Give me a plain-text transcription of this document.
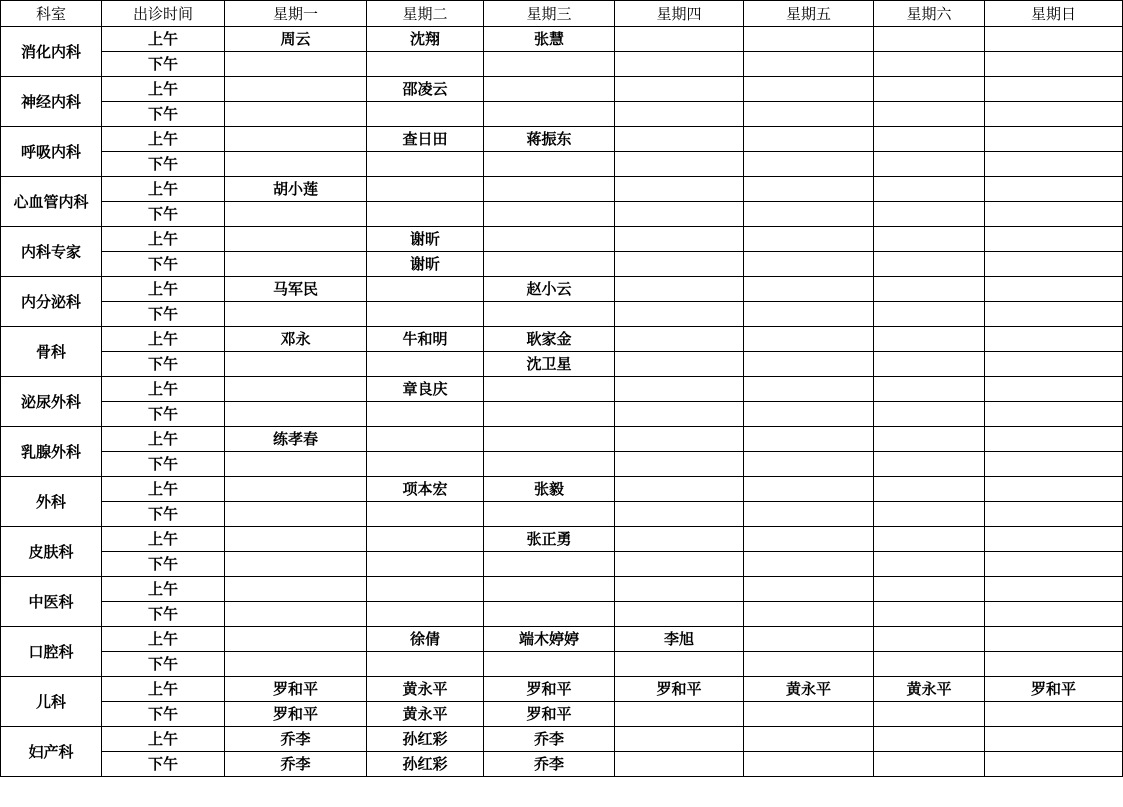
科室	出诊时间	星期一	星期二	星期三	星期四	星期五	星期六	星期日
消化内科	上午	周云	沈翔	张慧				
	下午							
神经内科	上午		邵凌云					
	下午							
呼吸内科	上午		查日田	蒋振东				
	下午							
心血管内科	上午	胡小莲						
	下午							
内科专家	上午		谢昕					
	下午		谢昕					
内分泌科	上午	马军民		赵小云				
	下午							
骨科	上午	邓永	牛和明	耿家金				
	下午			沈卫星				
泌尿外科	上午		章良庆					
	下午							
乳腺外科	上午	练孝春						
	下午							
外科	上午		项本宏	张毅				
	下午							
皮肤科	上午			张正勇				
	下午							
中医科	上午							
	下午							
口腔科	上午		徐倩	端木婷婷	李旭			
	下午							
儿科	上午	罗和平	黄永平	罗和平	罗和平	黄永平	黄永平	罗和平
	下午	罗和平	黄永平	罗和平				
妇产科	上午	乔李	孙红彩	乔李				
	下午	乔李	孙红彩	乔李				
